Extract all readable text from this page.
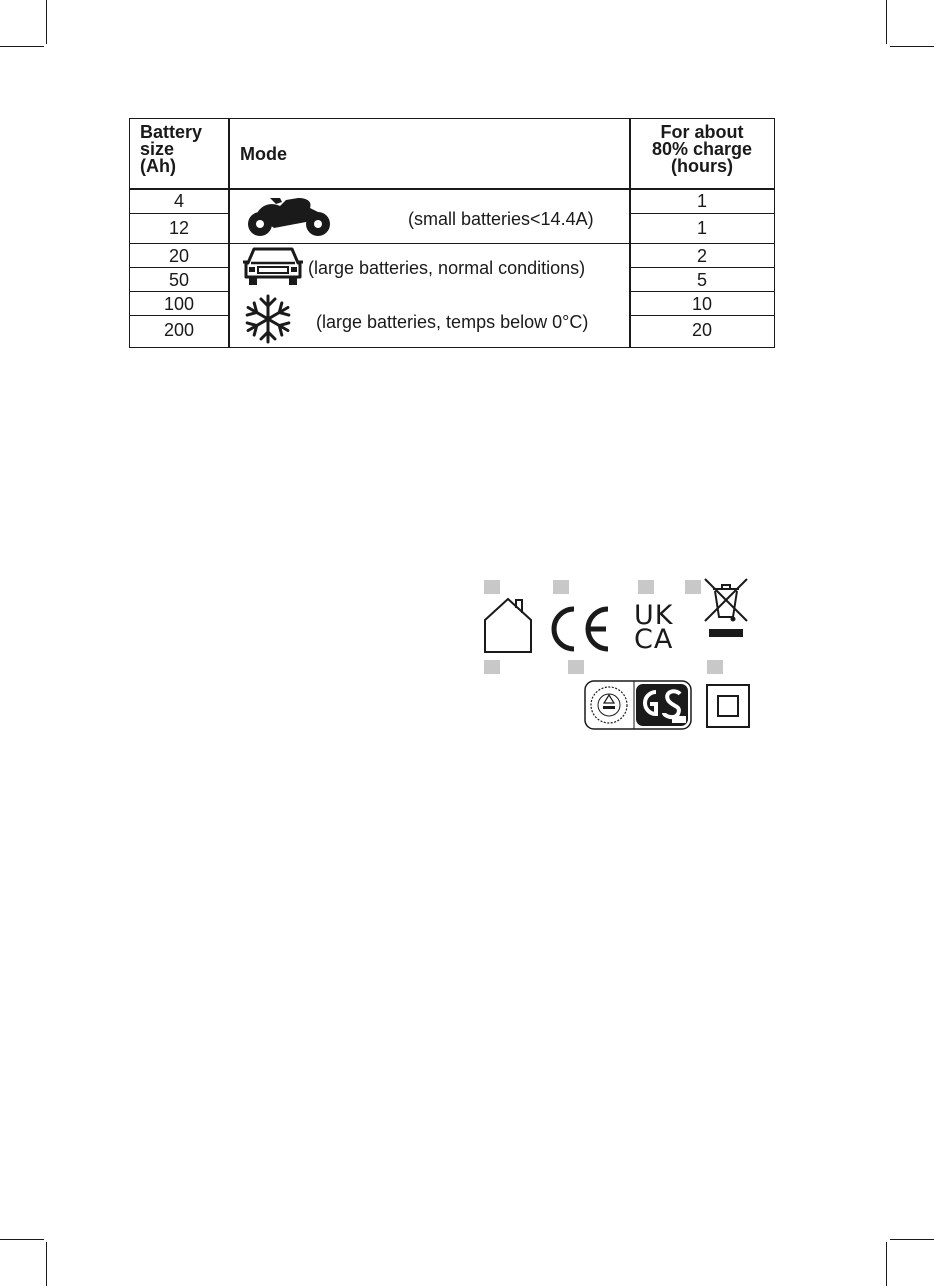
Battery
size
(Ah)
Mode
For about
80% charge
(hours)
4
12
20
50
100
200
1
1
2
5
10
20
(small batteries<14.4A)
(large batteries, normal conditions)
(large batteries, temps below 0°C)
UK
CA
